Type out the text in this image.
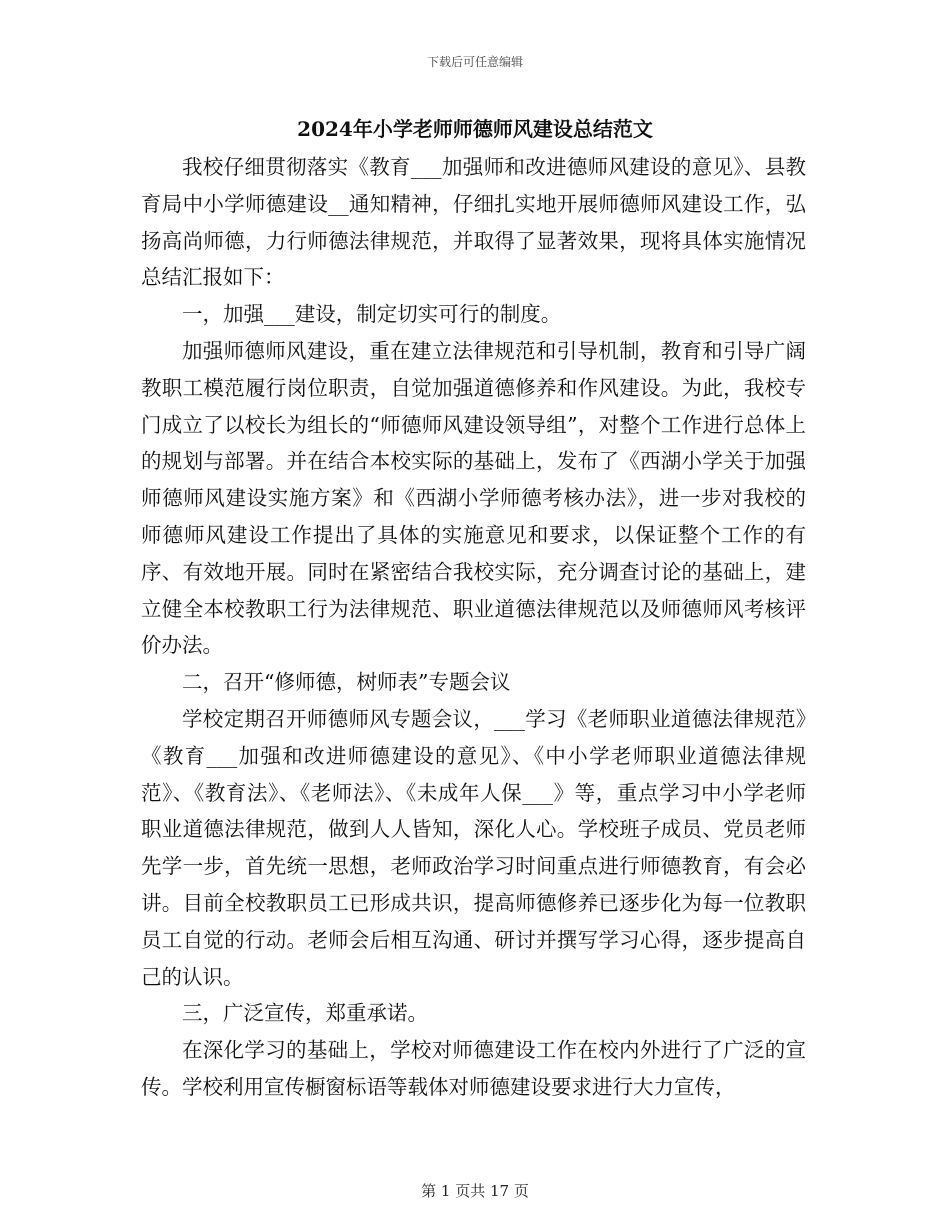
下载后可任意编辑
2024年小学老师师德师风建设总结范文

我校仔细贯彻落实《教育___加强师和改进德师风建设的意见》、县教育局中小学师德建设__通知精神，仔细扎实地开展师德师风建设工作，弘扬高尚师德，力行师德法律规范，并取得了显著效果，现将具体实施情况总结汇报如下：

一，加强___建设，制定切实可行的制度。

加强师德师风建设，重在建立法律规范和引导机制，教育和引导广阔教职工模范履行岗位职责，自觉加强道德修养和作风建设。为此，我校专门成立了以校长为组长的“师德师风建设领导组”，对整个工作进行总体上的规划与部署。并在结合本校实际的基础上，发布了《西湖小学关于加强师德师风建设实施方案》和《西湖小学师德考核办法》，进一步对我校的师德师风建设工作提出了具体的实施意见和要求，以保证整个工作的有序、有效地开展。同时在紧密结合我校实际，充分调查讨论的基础上，建立健全本校教职工行为法律规范、职业道德法律规范以及师德师风考核评价办法。

二，召开“修师德，树师表”专题会议

学校定期召开师德师风专题会议，___学习《老师职业道德法律规范》《教育___加强和改进师德建设的意见》、《中小学老师职业道德法律规范》、《教育法》、《老师法》、《未成年人保___》等，重点学习中小学老师职业道德法律规范，做到人人皆知，深化人心。学校班子成员、党员老师先学一步，首先统一思想，老师政治学习时间重点进行师德教育，有会必讲。目前全校教职员工已形成共识，提高师德修养已逐步化为每一位教职员工自觉的行动。老师会后相互沟通、研讨并撰写学习心得，逐步提高自己的认识。

三，广泛宣传，郑重承诺。

在深化学习的基础上，学校对师德建设工作在校内外进行了广泛的宣传。学校利用宣传橱窗标语等载体对师德建设要求进行大力宣传，

第 1 页共 17 页
